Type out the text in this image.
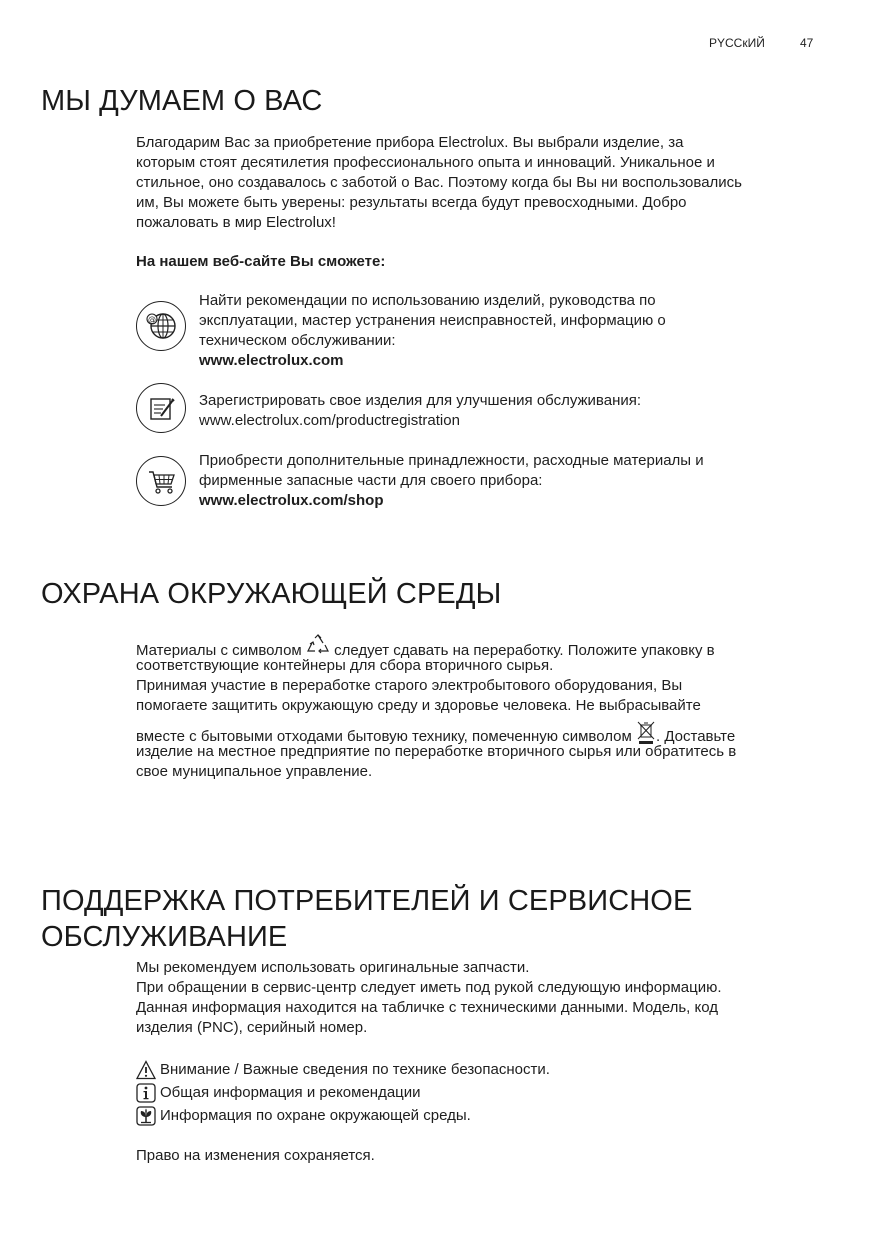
PYCCкИЙ	47
МЫ ДУМАЕМ О ВАС
Благодарим Вас за приобретение прибора Electrolux. Вы выбрали изделие, за
которым стоят десятилетия профессионального опыта и инноваций. Уникальное и
стильное, оно создавалось с заботой о Вас. Поэтому когда бы Вы ни воспользовались
им, Вы можете быть уверены: результаты всегда будут превосходными. Добро
пожаловать в мир Electrolux!
На нашем веб-сайте Вы сможете:
@
Найти рекомендации по использованию изделий, руководства по
эксплуатации, мастер устранения неисправностей, информацию о
техническом обслуживании:
www.electrolux.com
Зарегистрировать свое изделия для улучшения обслуживания:
www.electrolux.com/productregistration
Приобрести дополнительные принадлежности, расходные материалы и
фирменные запасные части для своего прибора:
www.electrolux.com/shop
ОХРАНА ОКРУЖАЮЩЕЙ СРЕДЫ
Материалы с символом следует сдавать на переработку. Положите упаковку в
соответствующие контейнеры для сбора вторичного сырья.
Принимая участие в переработке старого электробытового оборудования, Вы
помогаете защитить окружающую среду и здоровье человека. Не выбрасывайте
вместе с бытовыми отходами бытовую технику, помеченную символом . Доставьте
изделие на местное предприятие по переработке вторичного сырья или обратитесь в
свое муниципальное управление.
ПОДДЕРЖКА ПОТРЕБИТЕЛЕЙ И СЕРВИСНОЕ
ОБСЛУЖИВАНИЕ
Мы рекомендуем использовать оригинальные запчасти.
При обращении в сервис-центр следует иметь под рукой следующую информацию.
Данная информация находится на табличке с техническими данными. Модель, код
изделия (PNC), серийный номер.
Внимание / Важные сведения по технике безопасности.
Общая информация и рекомендации
Информация по охране окружающей среды.
Право на изменения сохраняется.
